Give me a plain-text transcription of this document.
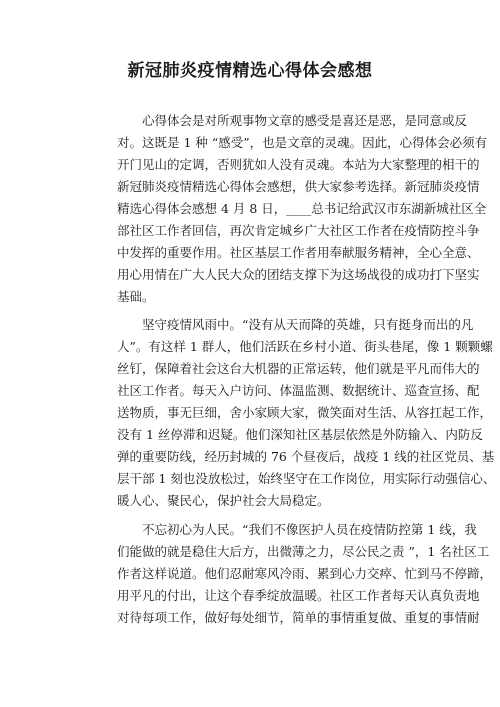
新冠肺炎疫情精选心得体会感想
心得体会是对所观事物文章的感受是喜还是恶，是同意或反
对。这既是 1 种 “感受”，也是文章的灵魂。因此，心得体会必须有
开门见山的定调，否则犹如人没有灵魂。本站为大家整理的相干的
新冠肺炎疫情精选心得体会感想，供大家参考选择。新冠肺炎疫情
精选心得体会感想 4 月 8 日，____总书记给武汉市东湖新城社区全
部社区工作者回信，再次肯定城乡广大社区工作者在疫情防控斗争
中发挥的重要作用。社区基层工作者用奉献服务精神，全心全意、
用心用情在广大人民大众的团结支撑下为这场战役的成功打下坚实
基础。
坚守疫情风雨中。“没有从天而降的英雄，只有挺身而出的凡
人”。有这样 1 群人，他们活跃在乡村小道、街头巷尾，像 1 颗颗螺
丝钉，保障着社会这台大机器的正常运转，他们就是平凡而伟大的
社区工作者。每天入户访问、体温监测、数据统计、巡查宣扬、配
送物质，事无巨细，舍小家顾大家，微笑面对生活、从容扛起工作，
没有 1 丝停滞和迟疑。他们深知社区基层依然是外防输入、内防反
弹的重要防线，经历封城的 76 个昼夜后，战疫 1 线的社区党员、基
层干部 1 刻也没放松过，始终坚守在工作岗位，用实际行动强信心、
暖人心、聚民心，保护社会大局稳定。
不忘初心为人民。“我们不像医护人员在疫情防控第 1 线，我
们能做的就是稳住大后方，出微薄之力，尽公民之责 ”，1 名社区工
作者这样说道。他们忍耐寒风冷雨、累到心力交瘁、忙到马不停蹄，
用平凡的付出，让这个春季绽放温暖。社区工作者每天认真负责地
对待每项工作，做好每处细节，简单的事情重复做、重复的事情耐
